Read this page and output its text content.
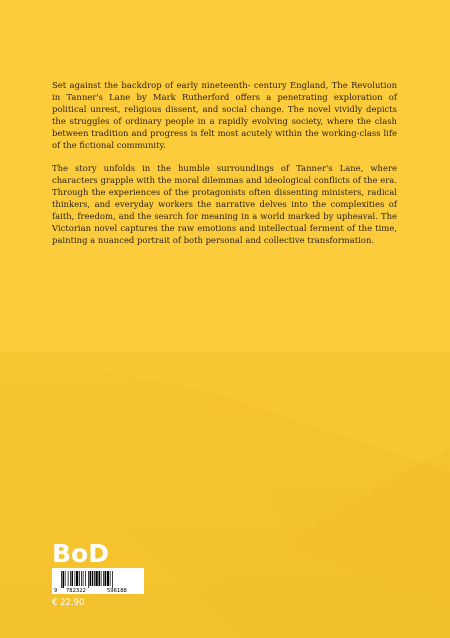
Set against the backdrop of early nineteenth- century England, The Revolution in Tanner's Lane by Mark Rutherford offers a penetrating exploration of political unrest, religious dissent, and social change. The novel vividly depicts the struggles of ordinary people in a rapidly evolving society, where the clash between tradition and progress is felt most acutely within the working-class life of the fictional community.

The story unfolds in the humble surroundings of Tanner's Lane, where characters grapple with the moral dilemmas and ideological conflicts of the era. Through the experiences of the protagonists often dissenting ministers, radical thinkers, and everyday workers the narrative delves into the complexities of faith, freedom, and the search for meaning in a world marked by upheaval. The Victorian novel captures the raw emotions and intellectual ferment of the time, painting a nuanced portrait of both personal and collective transformation.

BoD
9 782322	596188
€ 22.90
